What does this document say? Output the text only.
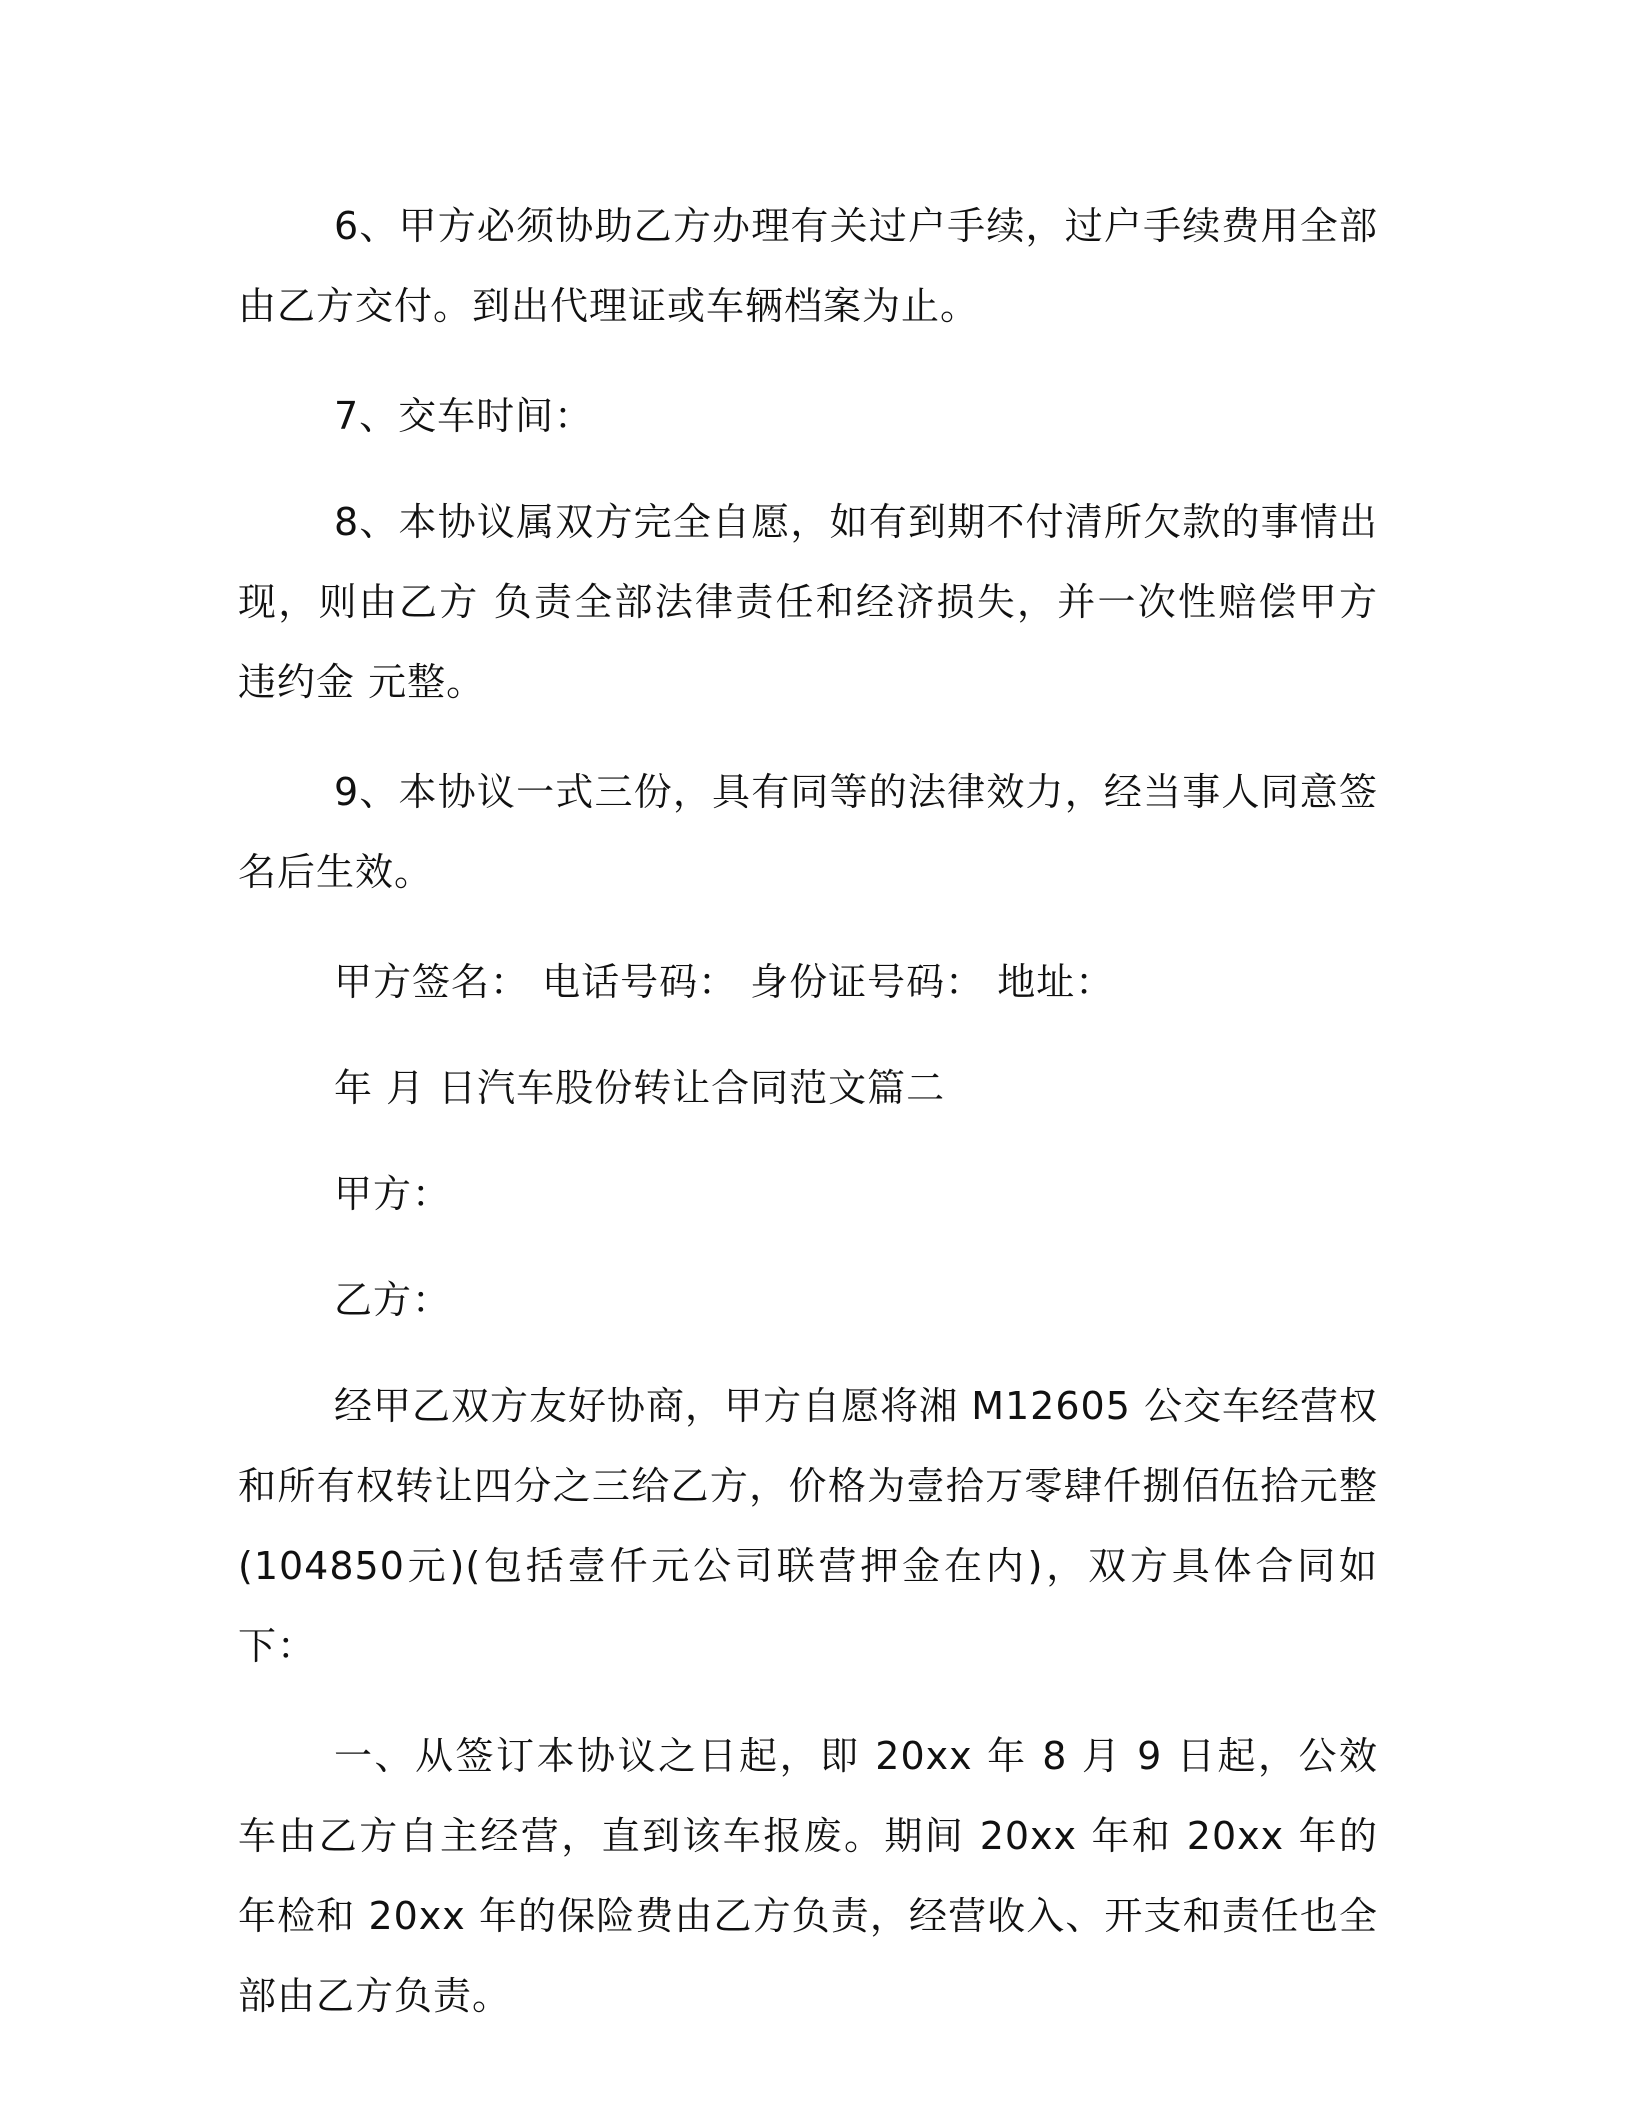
6、甲方必须协助乙方办理有关过户手续，过户手续费用全部由乙方交付。到出代理证或车辆档案为止。

7、交车时间：

8、本协议属双方完全自愿，如有到期不付清所欠款的事情出现，则由乙方 负责全部法律责任和经济损失，并一次性赔偿甲方 违约金 元整。

9、本协议一式三份，具有同等的法律效力，经当事人同意签名后生效。

甲方签名： 电话号码： 身份证号码： 地址：

年 月 日汽车股份转让合同范文篇二

甲方：

乙方：

经甲乙双方友好协商，甲方自愿将湘 M12605 公交车经营权和所有权转让四分之三给乙方，价格为壹拾万零肆仟捌佰伍拾元整(104850元)(包括壹仟元公司联营押金在内)，双方具体合同如下：

一、从签订本协议之日起，即 20xx 年 8 月 9 日起，公效车由乙方自主经营，直到该车报废。期间 20xx 年和 20xx 年的年检和 20xx 年的保险费由乙方负责，经营收入、开支和责任也全部由乙方负责。
